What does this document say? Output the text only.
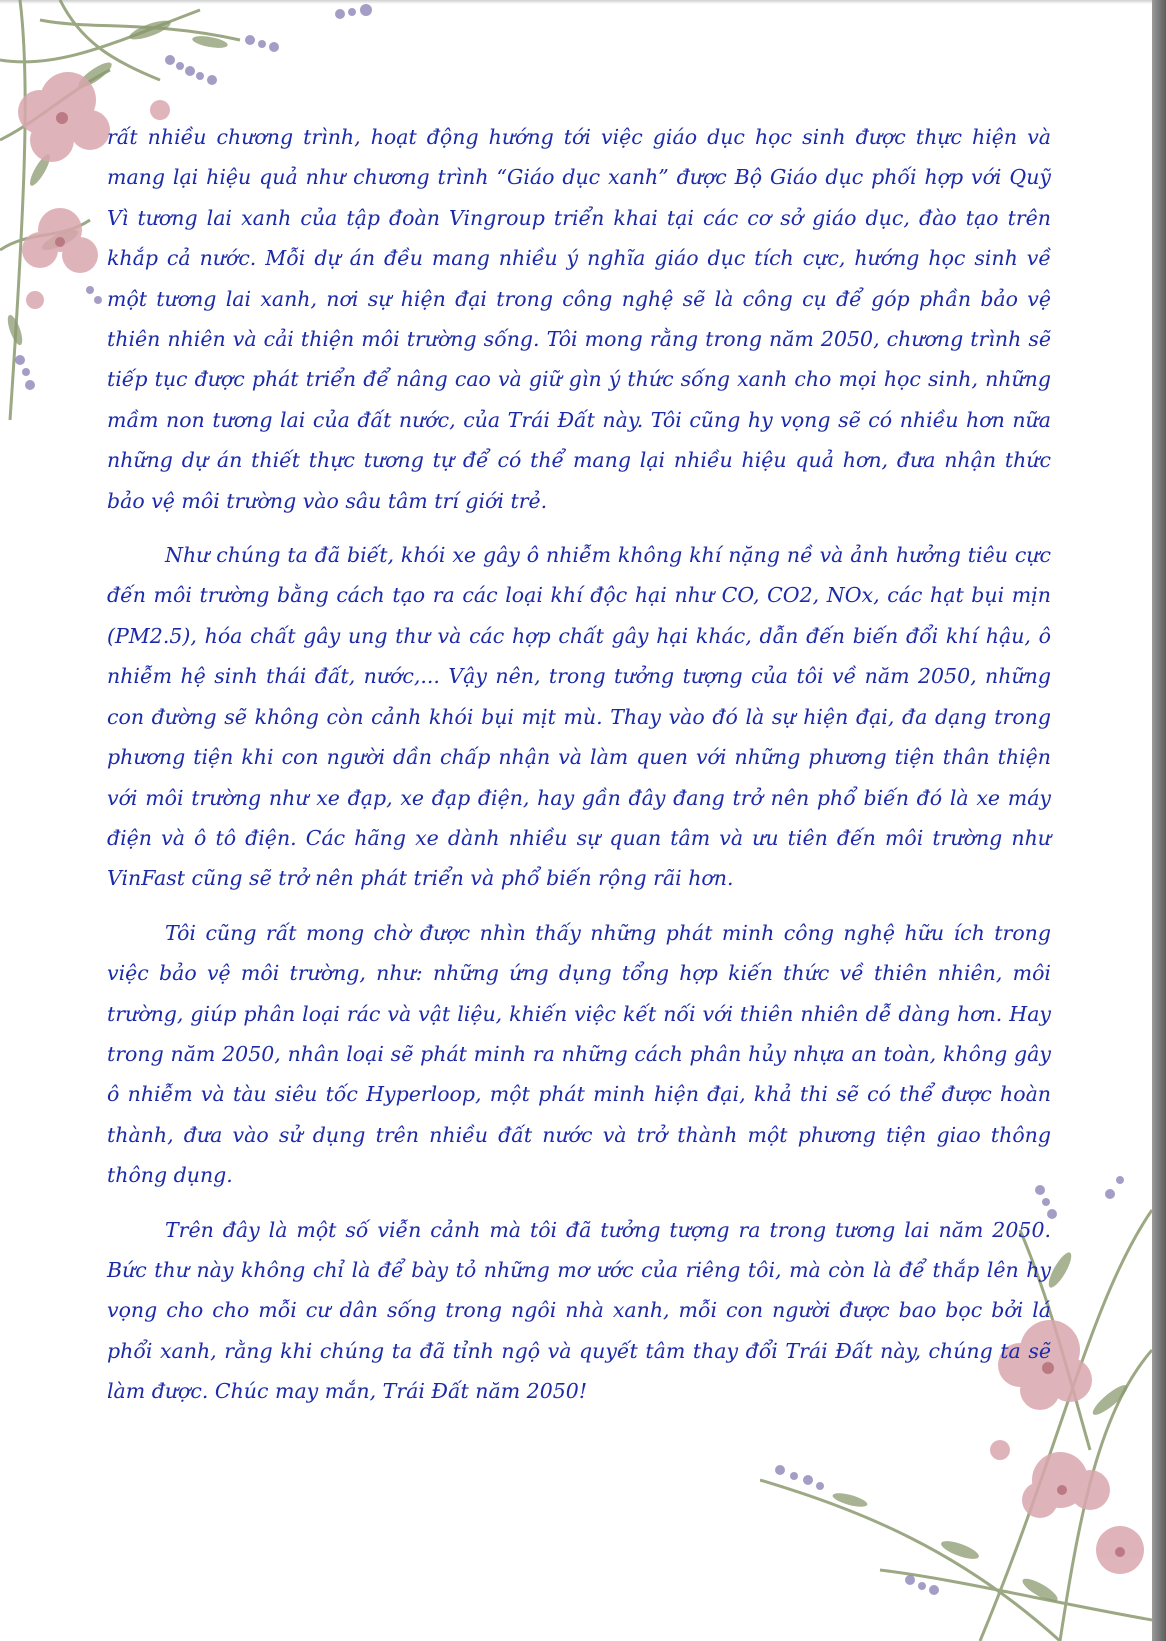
rất nhiều chương trình, hoạt động hướng tới việc giáo dục học sinh được thực hiện và mang lại hiệu quả như chương trình “Giáo dục xanh” được Bộ Giáo dục phối hợp với Quỹ Vì tương lai xanh của tập đoàn Vingroup triển khai tại các cơ sở giáo dục, đào tạo trên khắp cả nước. Mỗi dự án đều mang nhiều ý nghĩa giáo dục tích cực, hướng học sinh về một tương lai xanh, nơi sự hiện đại trong công nghệ sẽ là công cụ để góp phần bảo vệ thiên nhiên và cải thiện môi trường sống. Tôi mong rằng trong năm 2050, chương trình sẽ tiếp tục được phát triển để nâng cao và giữ gìn ý thức sống xanh cho mọi học sinh, những mầm non tương lai của đất nước, của Trái Đất này. Tôi cũng hy vọng sẽ có nhiều hơn nữa những dự án thiết thực tương tự để có thể mang lại nhiều hiệu quả hơn, đưa nhận thức bảo vệ môi trường vào sâu tâm trí giới trẻ.

Như chúng ta đã biết, khói xe gây ô nhiễm không khí nặng nề và ảnh hưởng tiêu cực đến môi trường bằng cách tạo ra các loại khí độc hại như CO, CO2, NOx, các hạt bụi mịn (PM2.5), hóa chất gây ung thư và các hợp chất gây hại khác, dẫn đến biến đổi khí hậu, ô nhiễm hệ sinh thái đất, nước,... Vậy nên, trong tưởng tượng của tôi về năm 2050, những con đường sẽ không còn cảnh khói bụi mịt mù. Thay vào đó là sự hiện đại, đa dạng trong phương tiện khi con người dần chấp nhận và làm quen với những phương tiện thân thiện với môi trường như xe đạp, xe đạp điện, hay gần đây đang trở nên phổ biến đó là xe máy điện và ô tô điện. Các hãng xe dành nhiều sự quan tâm và ưu tiên đến môi trường như VinFast cũng sẽ trở nên phát triển và phổ biến rộng rãi hơn.

Tôi cũng rất mong chờ được nhìn thấy những phát minh công nghệ hữu ích trong việc bảo vệ môi trường, như: những ứng dụng tổng hợp kiến thức về thiên nhiên, môi trường, giúp phân loại rác và vật liệu, khiến việc kết nối với thiên nhiên dễ dàng hơn. Hay trong năm 2050, nhân loại sẽ phát minh ra những cách phân hủy nhựa an toàn, không gây ô nhiễm và tàu siêu tốc Hyperloop, một phát minh hiện đại, khả thi sẽ có thể được hoàn thành, đưa vào sử dụng trên nhiều đất nước và trở thành một phương tiện giao thông thông dụng.

Trên đây là một số viễn cảnh mà tôi đã tưởng tượng ra trong tương lai năm 2050. Bức thư này không chỉ là để bày tỏ những mơ ước của riêng tôi, mà còn là để thắp lên hy vọng cho cho mỗi cư dân sống trong ngôi nhà xanh, mỗi con người được bao bọc bởi lá phổi xanh, rằng khi chúng ta đã tỉnh ngộ và quyết tâm thay đổi Trái Đất này, chúng ta sẽ làm được. Chúc may mắn, Trái Đất năm 2050!
